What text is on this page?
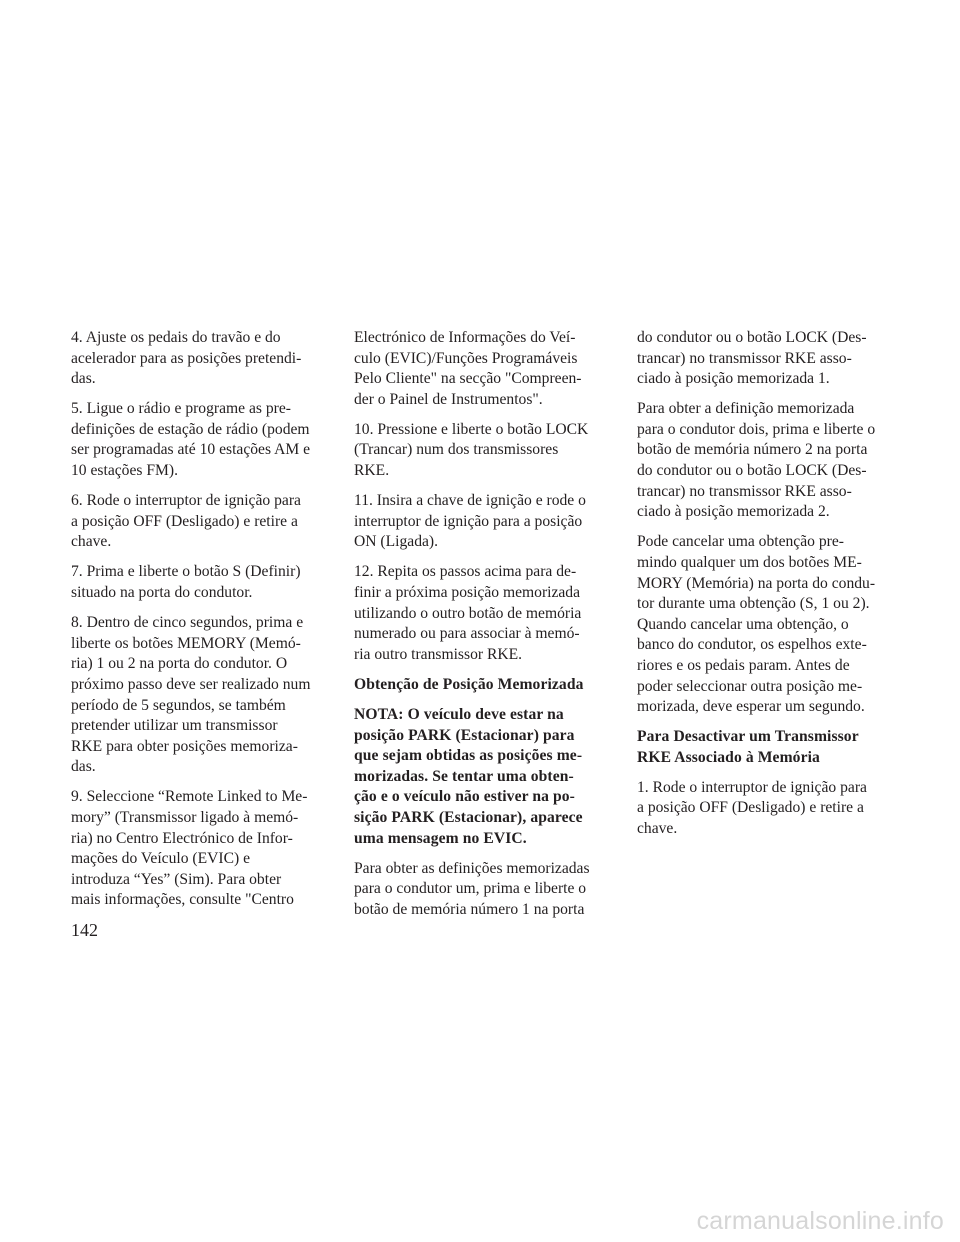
4. Ajuste os pedais do travão e do
acelerador para as posições pretendi-
das.

5. Ligue o rádio e programe as pre-
definições de estação de rádio (podem
ser programadas até 10 estações AM e
10 estações FM).

6. Rode o interruptor de ignição para
a posição OFF (Desligado) e retire a
chave.

7. Prima e liberte o botão S (Definir)
situado na porta do condutor.

8. Dentro de cinco segundos, prima e
liberte os botões MEMORY (Memó-
ria) 1 ou 2 na porta do condutor. O
próximo passo deve ser realizado num
período de 5 segundos, se também
pretender utilizar um transmissor
RKE para obter posições memoriza-
das.

9. Seleccione “Remote Linked to Me-
mory” (Transmissor ligado à memó-
ria) no Centro Electrónico de Infor-
mações do Veículo (EVIC) e
introduza “Yes” (Sim). Para obter
mais informações, consulte "Centro

Electrónico de Informações do Veí-
culo (EVIC)/Funções Programáveis
Pelo Cliente" na secção "Compreen-
der o Painel de Instrumentos".

10. Pressione e liberte o botão LOCK
(Trancar) num dos transmissores
RKE.

11. Insira a chave de ignição e rode o
interruptor de ignição para a posição
ON (Ligada).

12. Repita os passos acima para de-
finir a próxima posição memorizada
utilizando o outro botão de memória
numerado ou para associar à memó-
ria outro transmissor RKE.

Obtenção de Posição Memorizada

NOTA: O veículo deve estar na
posição PARK (Estacionar) para
que sejam obtidas as posições me-
morizadas. Se tentar uma obten-
ção e o veículo não estiver na po-
sição PARK (Estacionar), aparece
uma mensagem no EVIC.

Para obter as definições memorizadas
para o condutor um, prima e liberte o
botão de memória número 1 na porta

do condutor ou o botão LOCK (Des-
trancar) no transmissor RKE asso-
ciado à posição memorizada 1.

Para obter a definição memorizada
para o condutor dois, prima e liberte o
botão de memória número 2 na porta
do condutor ou o botão LOCK (Des-
trancar) no transmissor RKE asso-
ciado à posição memorizada 2.

Pode cancelar uma obtenção pre-
mindo qualquer um dos botões ME-
MORY (Memória) na porta do condu-
tor durante uma obtenção (S, 1 ou 2).
Quando cancelar uma obtenção, o
banco do condutor, os espelhos exte-
riores e os pedais param. Antes de
poder seleccionar outra posição me-
morizada, deve esperar um segundo.

Para Desactivar um Transmissor
RKE Associado à Memória

1. Rode o interruptor de ignição para
a posição OFF (Desligado) e retire a
chave.

142
carmanualsonline.info
